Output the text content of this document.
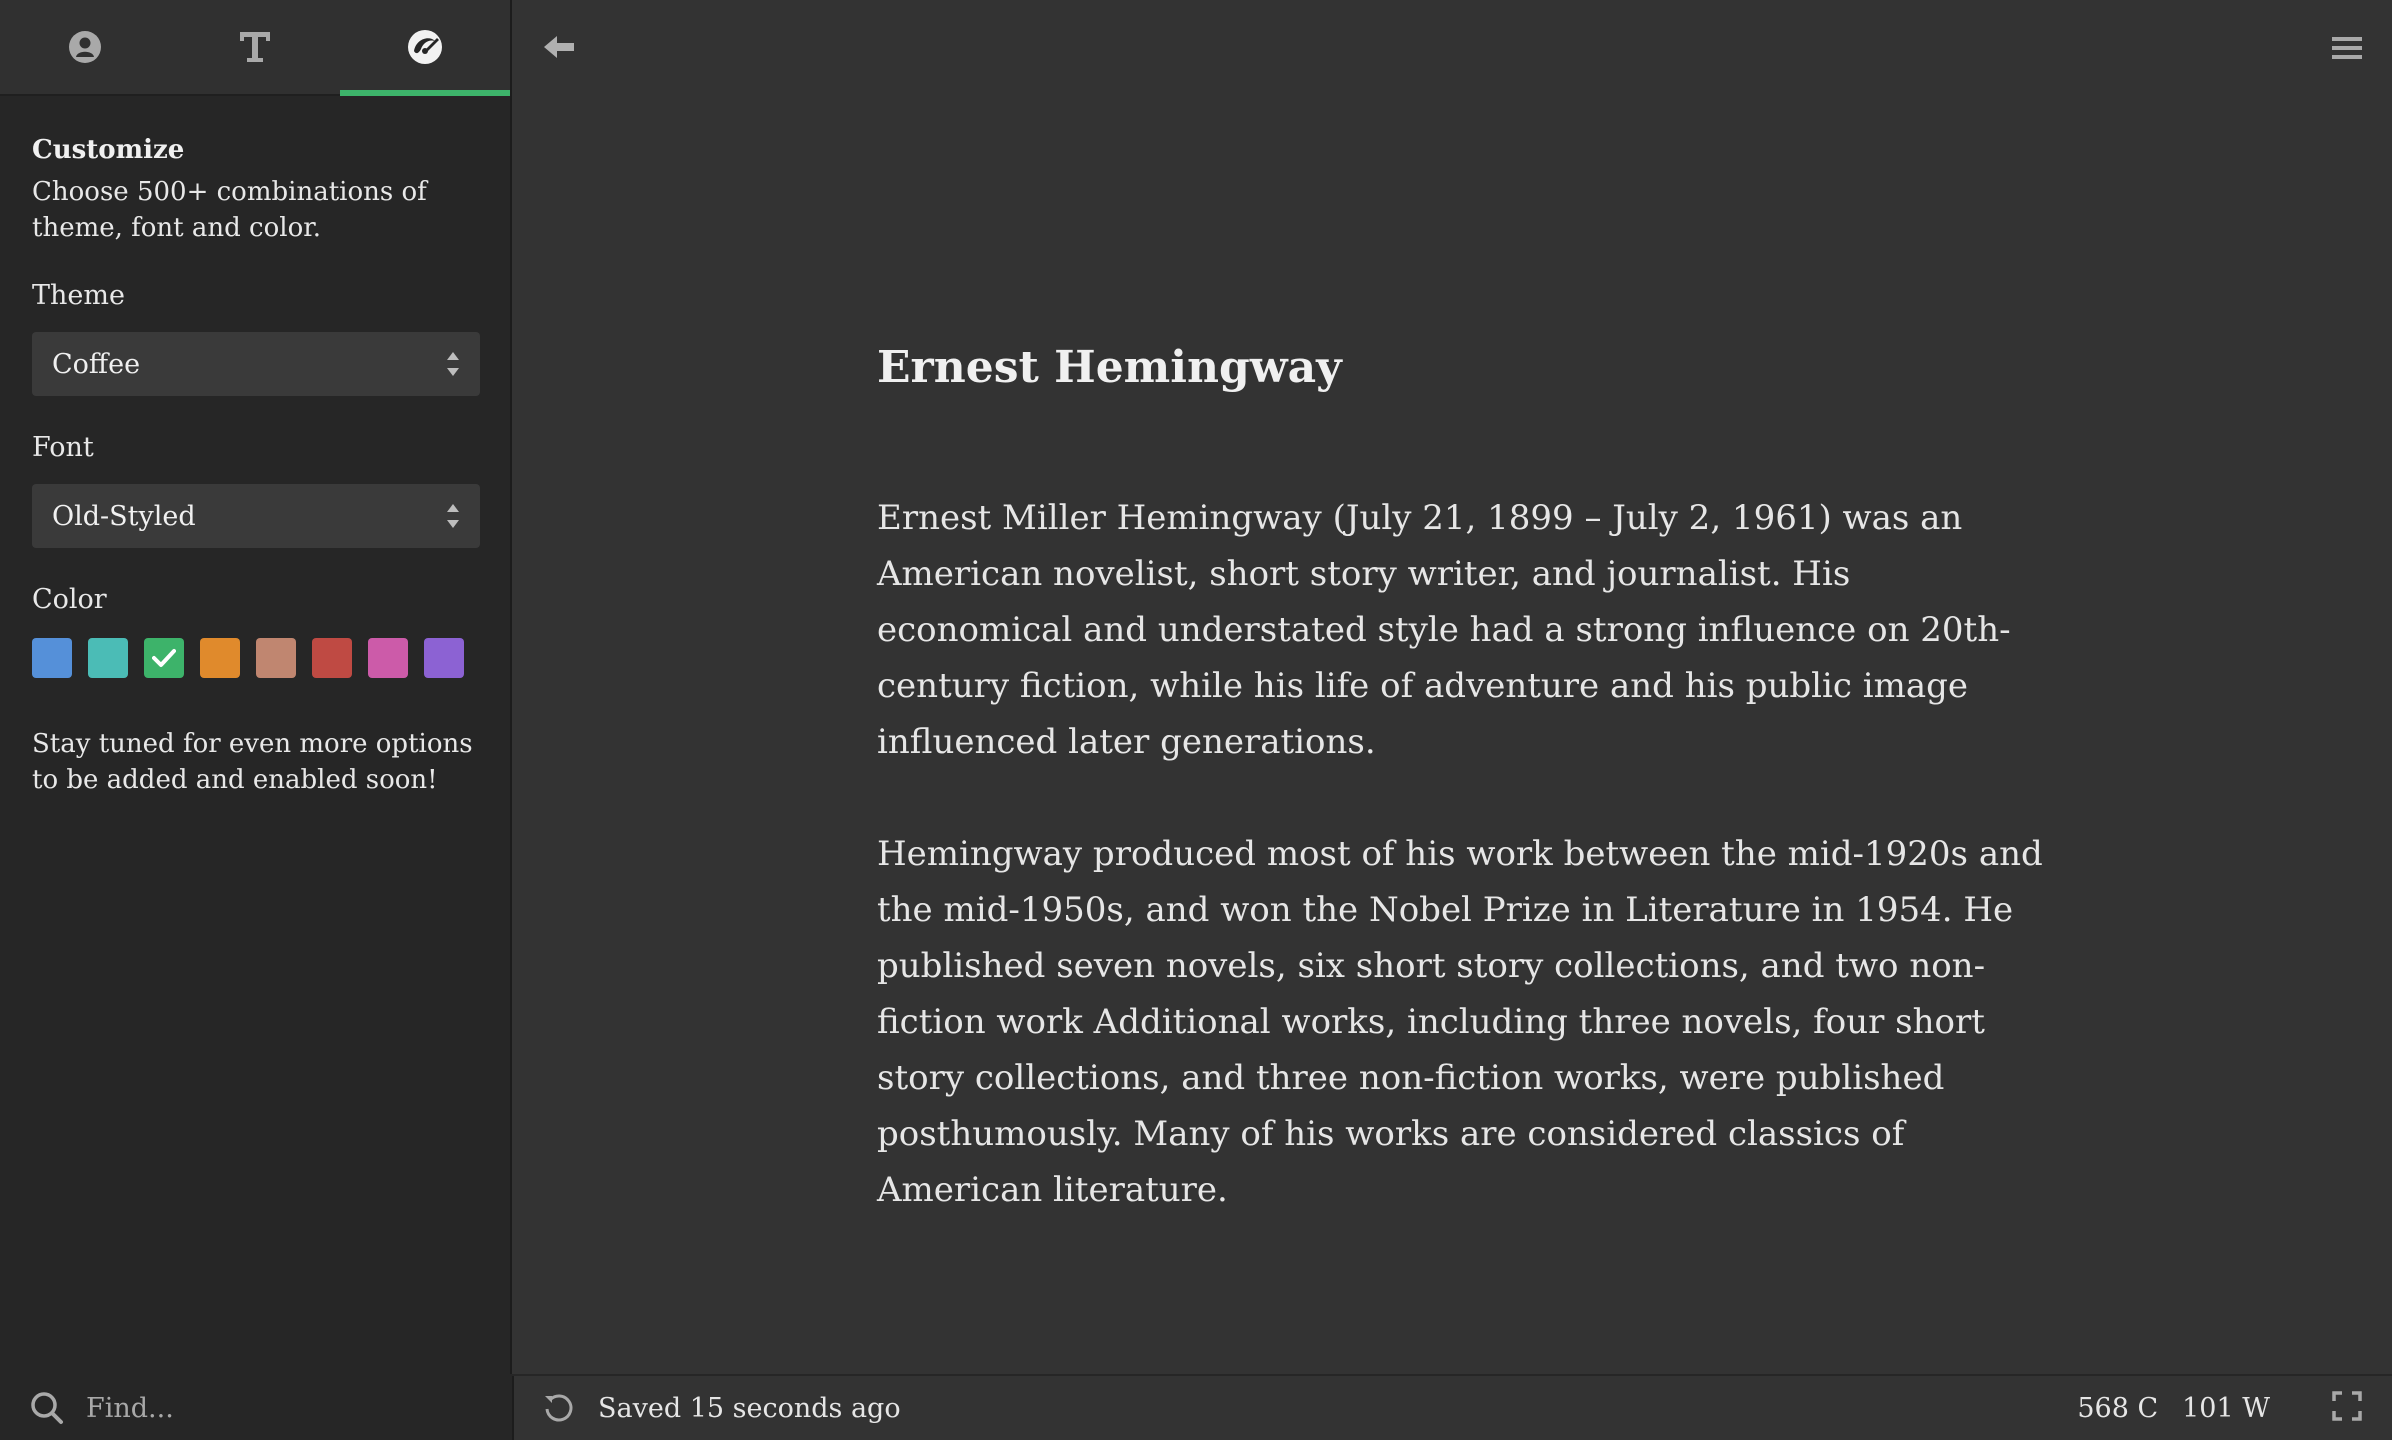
Customize
Choose 500+ combinations of theme, font and color.
Theme
Coffee
Font
Old-Styled
Color
Stay tuned for even more options to be added and enabled soon!
Ernest Hemingway
Ernest Miller Hemingway (July 21, 1899 – July 2, 1961) was an American novelist, short story writer, and journalist. His economical and understated style had a strong influence on 20th-century fiction, while his life of adventure and his public image influenced later generations.
Hemingway produced most of his work between the mid-1920s and the mid-1950s, and won the Nobel Prize in Literature in 1954. He published seven novels, six short story collections, and two non-fiction work Additional works, including three novels, four short story collections, and three non-fiction works, were published posthumously. Many of his works are considered classics of American literature.
Find...
Saved 15 seconds ago	568 C 101 W
